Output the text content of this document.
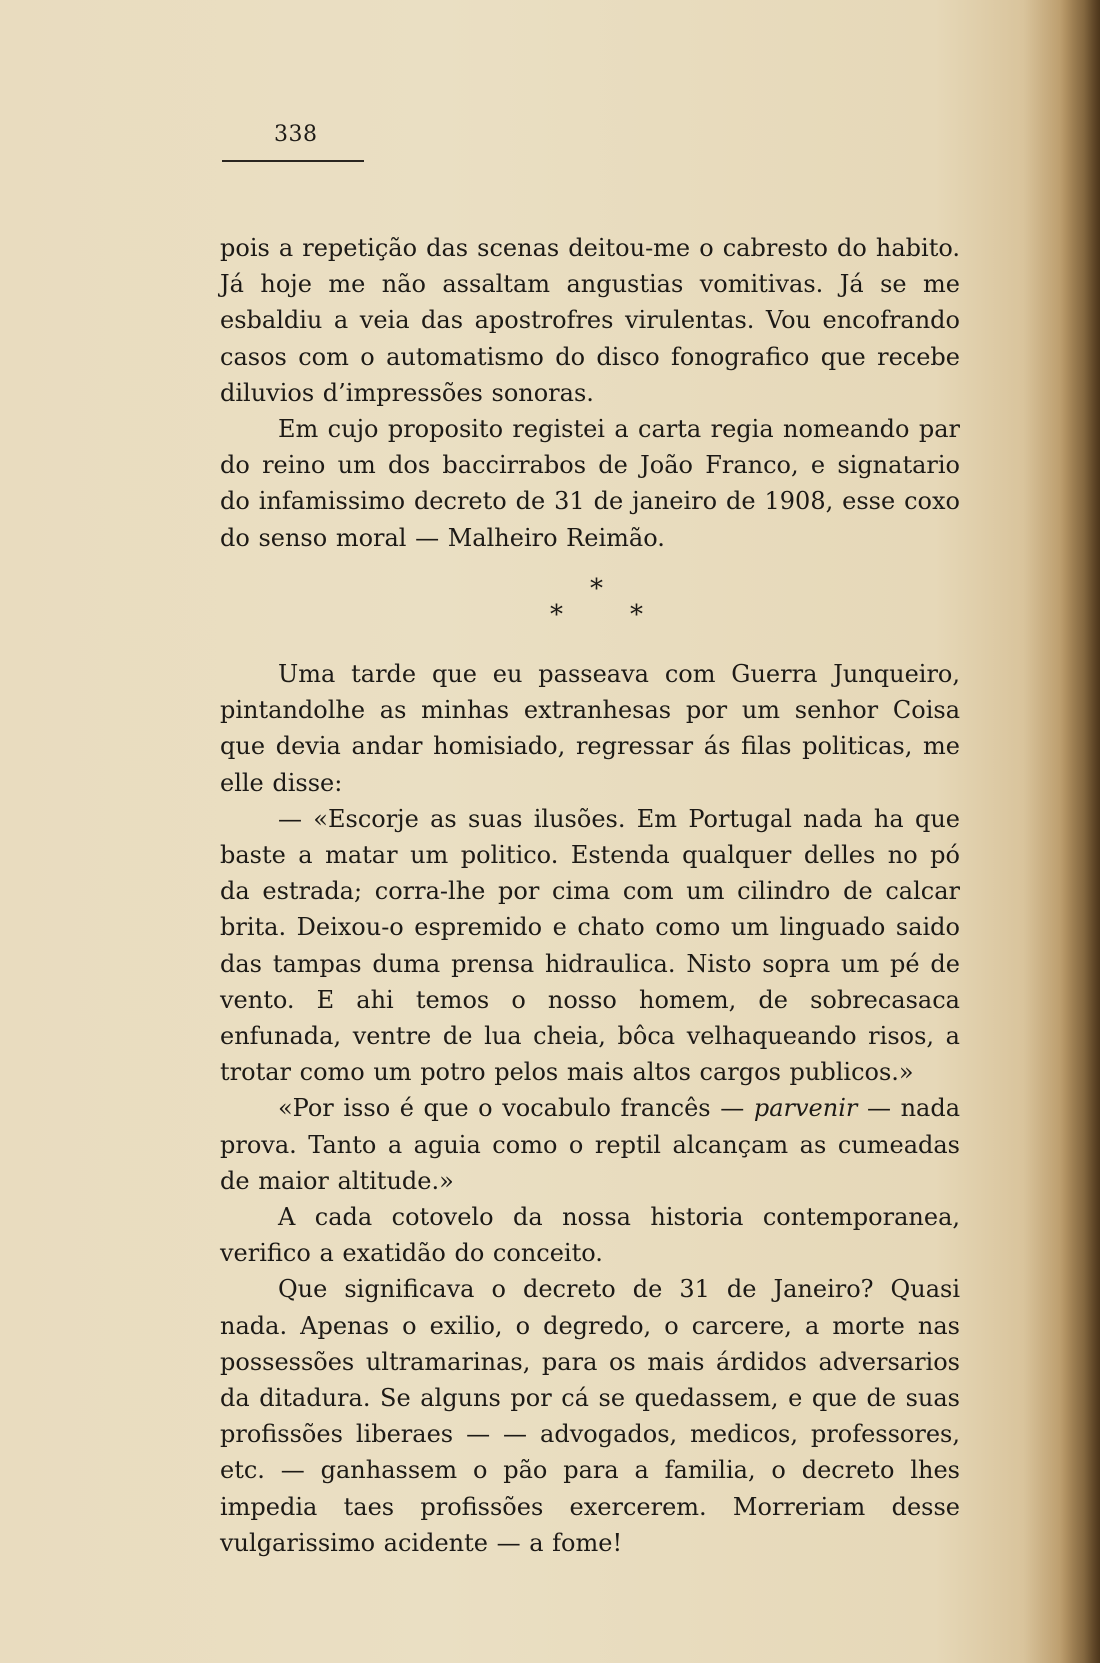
338

pois a repetição das scenas deitou-me o cabresto do habito. Já hoje me não assaltam angustias vomitivas. Já se me esbaldiu a veia das apostrofres virulentas. Vou encofrando casos com o automatismo do disco fonografico que recebe diluvios d’impressões sonoras.

Em cujo proposito registei a carta regia nomeando par do reino um dos baccirrabos de João Franco, e signatario do infamissimo decreto de 31 de janeiro de 1908, esse coxo do senso moral — Malheiro Reimão.

*
*	*

Uma tarde que eu passeava com Guerra Junqueiro, pintandolhe as minhas extranhesas por um senhor Coisa que devia andar homisiado, regressar ás filas politicas, me elle disse:

— «Escorje as suas ilusões. Em Portugal nada ha que baste a matar um politico. Estenda qualquer delles no pó da estrada; corra-lhe por cima com um cilindro de calcar brita. Deixou-o espremido e chato como um linguado saido das tampas duma prensa hidraulica. Nisto sopra um pé de vento. E ahi temos o nosso homem, de sobrecasaca enfunada, ventre de lua cheia, bôca velhaqueando risos, a trotar como um potro pelos mais altos cargos publicos.»

«Por isso é que o vocabulo francês — parvenir — nada prova. Tanto a aguia como o reptil alcançam as cumeadas de maior altitude.»

A cada cotovelo da nossa historia contemporanea, verifico a exatidão do conceito.

Que significava o decreto de 31 de Janeiro? Quasi nada. Apenas o exilio, o degredo, o carcere, a morte nas possessões ultramarinas, para os mais árdidos adversarios da ditadura. Se alguns por cá se quedassem, e que de suas profissões liberaes — — advogados, medicos, professores, etc. — ganhassem o pão para a familia, o decreto lhes impedia taes profissões exercerem. Morreriam desse vulgarissimo acidente — a fome!
